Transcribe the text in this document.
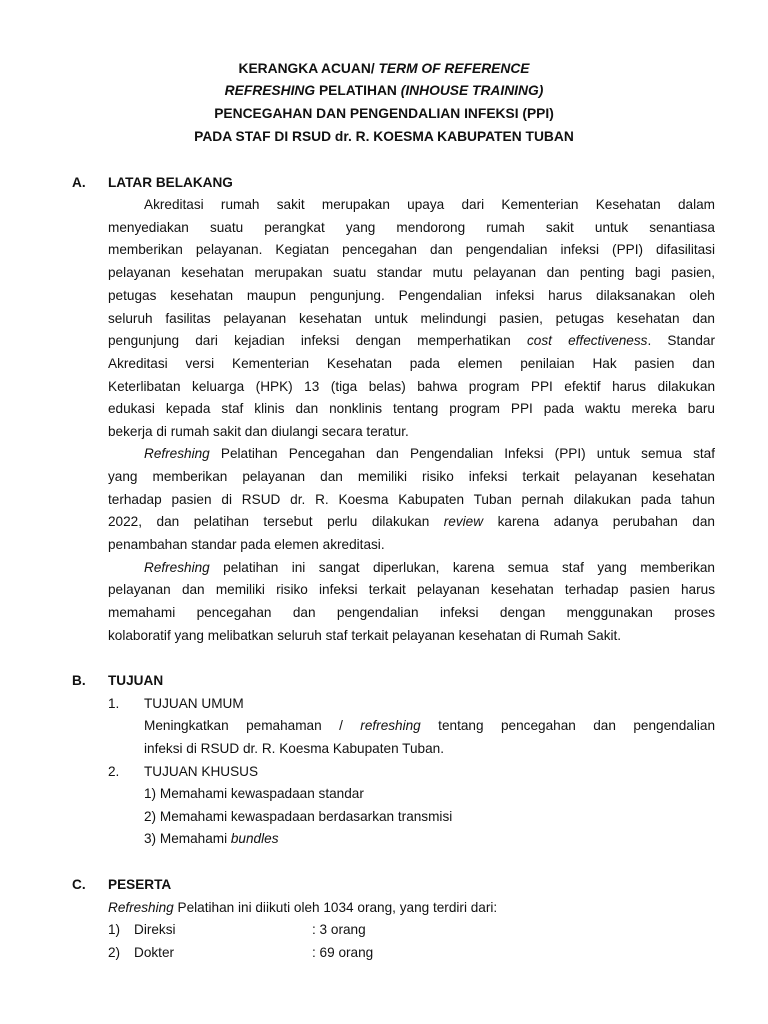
KERANGKA ACUAN/ TERM OF REFERENCE
REFRESHING PELATIHAN (INHOUSE TRAINING)
PENCEGAHAN DAN PENGENDALIAN INFEKSI (PPI)
PADA STAF DI RSUD dr. R. KOESMA KABUPATEN TUBAN
A. LATAR BELAKANG
Akreditasi rumah sakit merupakan upaya dari Kementerian Kesehatan dalam
menyediakan suatu perangkat yang mendorong rumah sakit untuk senantiasa
memberikan pelayanan. Kegiatan pencegahan dan pengendalian infeksi (PPI) difasilitasi
pelayanan kesehatan merupakan suatu standar mutu pelayanan dan penting bagi pasien,
petugas kesehatan maupun pengunjung. Pengendalian infeksi harus dilaksanakan oleh
seluruh fasilitas pelayanan kesehatan untuk melindungi pasien, petugas kesehatan dan
pengunjung dari kejadian infeksi dengan memperhatikan cost effectiveness. Standar
Akreditasi versi Kementerian Kesehatan pada elemen penilaian Hak pasien dan
Keterlibatan keluarga (HPK) 13 (tiga belas) bahwa program PPI efektif harus dilakukan
edukasi kepada staf klinis dan nonklinis tentang program PPI pada waktu mereka baru
bekerja di rumah sakit dan diulangi secara teratur.
Refreshing Pelatihan Pencegahan dan Pengendalian Infeksi (PPI) untuk semua staf
yang memberikan pelayanan dan memiliki risiko infeksi terkait pelayanan kesehatan
terhadap pasien di RSUD dr. R. Koesma Kabupaten Tuban pernah dilakukan pada tahun
2022, dan pelatihan tersebut perlu dilakukan review karena adanya perubahan dan
penambahan standar pada elemen akreditasi.
Refreshing pelatihan ini sangat diperlukan, karena semua staf yang memberikan
pelayanan dan memiliki risiko infeksi terkait pelayanan kesehatan terhadap pasien harus
memahami pencegahan dan pengendalian infeksi dengan menggunakan proses
kolaboratif yang melibatkan seluruh staf terkait pelayanan kesehatan di Rumah Sakit.
B. TUJUAN
1. TUJUAN UMUM
Meningkatkan pemahaman / refreshing tentang pencegahan dan pengendalian
infeksi di RSUD dr. R. Koesma Kabupaten Tuban.
2. TUJUAN KHUSUS
1) Memahami kewaspadaan standar
2) Memahami kewaspadaan berdasarkan transmisi
3) Memahami bundles
C. PESERTA
Refreshing Pelatihan ini diikuti oleh 1034 orang, yang terdiri dari:
1) Direksi	: 3 orang
2) Dokter	: 69 orang
